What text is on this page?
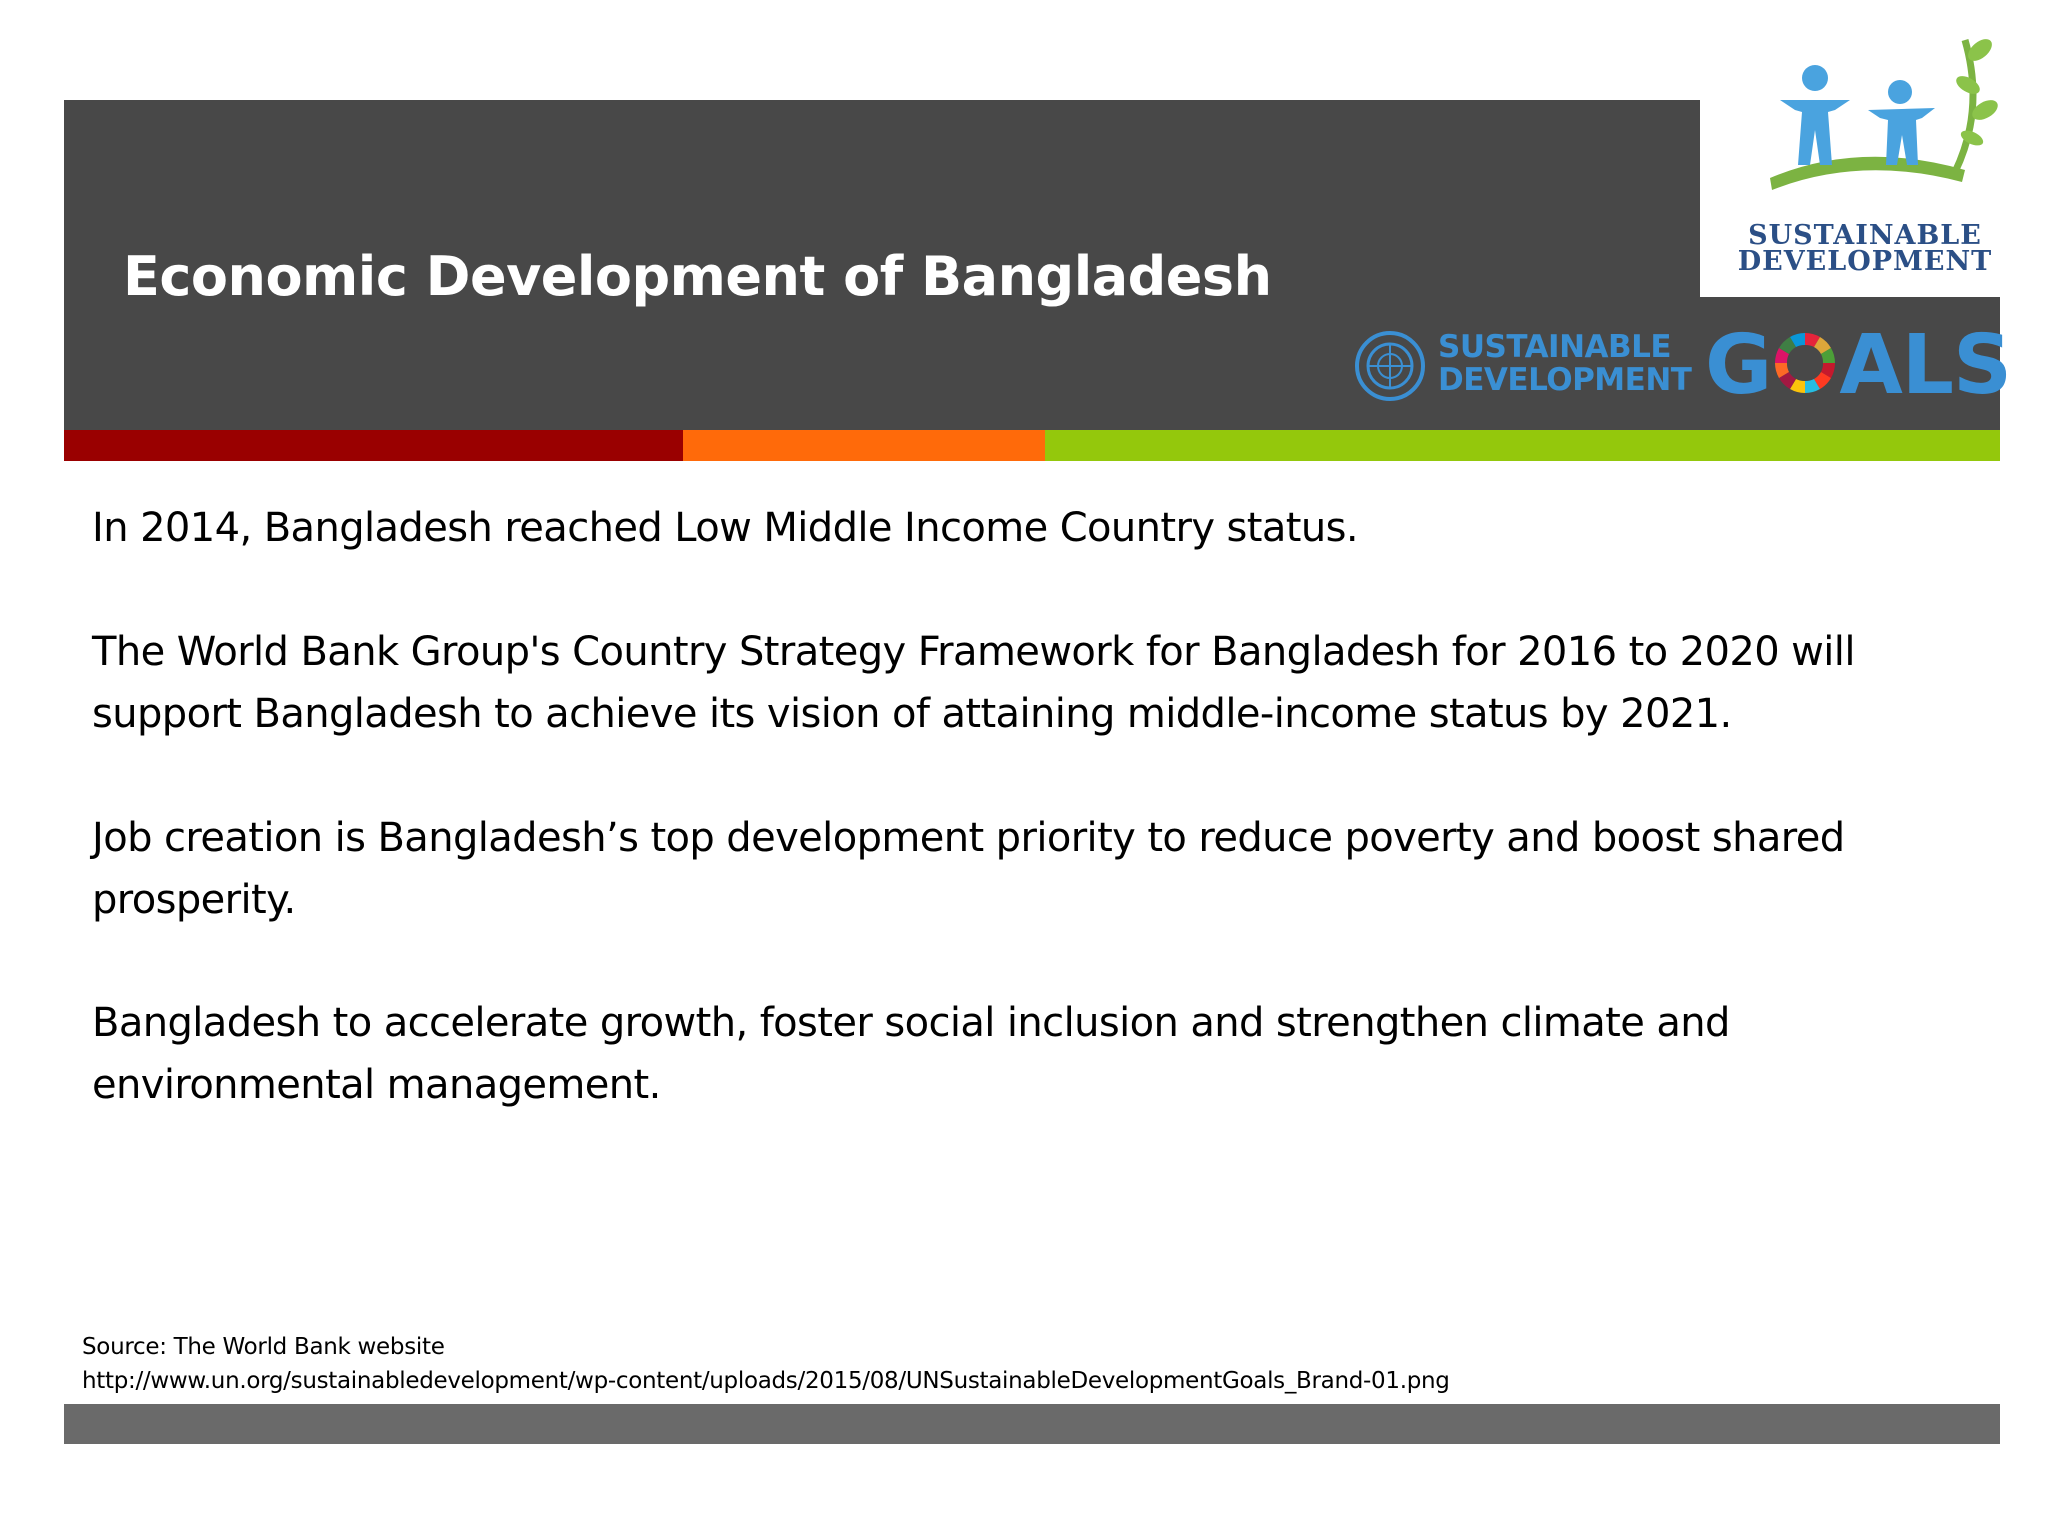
Economic Development of Bangladesh
SUSTAINABLE
DEVELOPMENT
SUSTAINABLE
DEVELOPMENT G ALS
In 2014, Bangladesh reached Low Middle Income Country status.
The World Bank Group's Country Strategy Framework for Bangladesh for 2016 to 2020 will support Bangladesh to achieve its vision of attaining middle-income status by 2021.
Job creation is Bangladesh’s top development priority to reduce poverty and boost shared prosperity.
Bangladesh to accelerate growth, foster social inclusion and strengthen climate and environmental management.
Source: The World Bank website
http://www.un.org/sustainabledevelopment/wp-content/uploads/2015/08/UNSustainableDevelopmentGoals_Brand-01.png
